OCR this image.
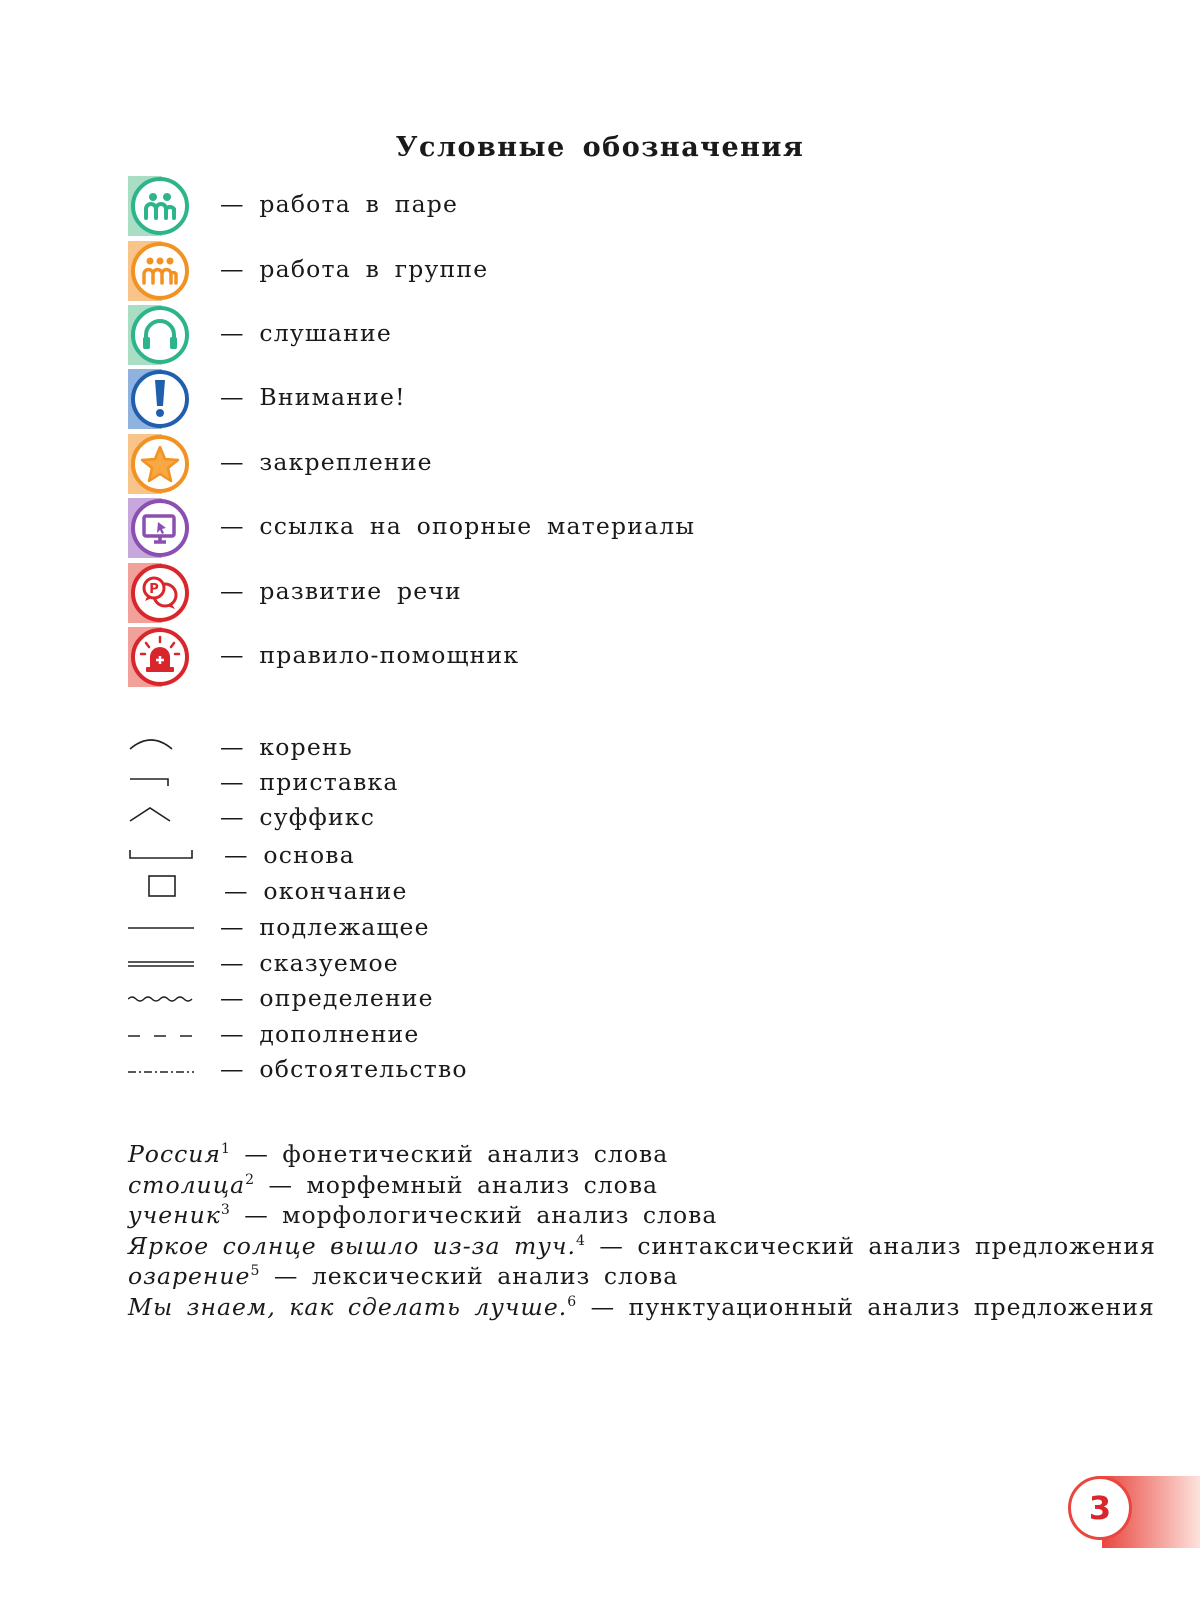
Условные обозначения
— работа в паре
— работа в группе
— слушание
— Внимание!
— закрепление
— ссылка на опорные материалы
Р	— развитие речи
— правило-помощник
— корень
— приставка
— суффикс
— основа
— окончание
— подлежащее
— сказуемое
— определение
— дополнение
— обстоятельство
Россия$^1$ — фонетический анализ слова
столица$^2$ — морфемный анализ слова
ученик$^3$ — морфологический анализ слова
Яркое солнце вышло из-за туч.$^4$ — синтаксический анализ предложения
озарение$^5$ — лексический анализ слова
Мы знаем, как сделать лучше.$^6$ — пунктуационный анализ предложения
3
